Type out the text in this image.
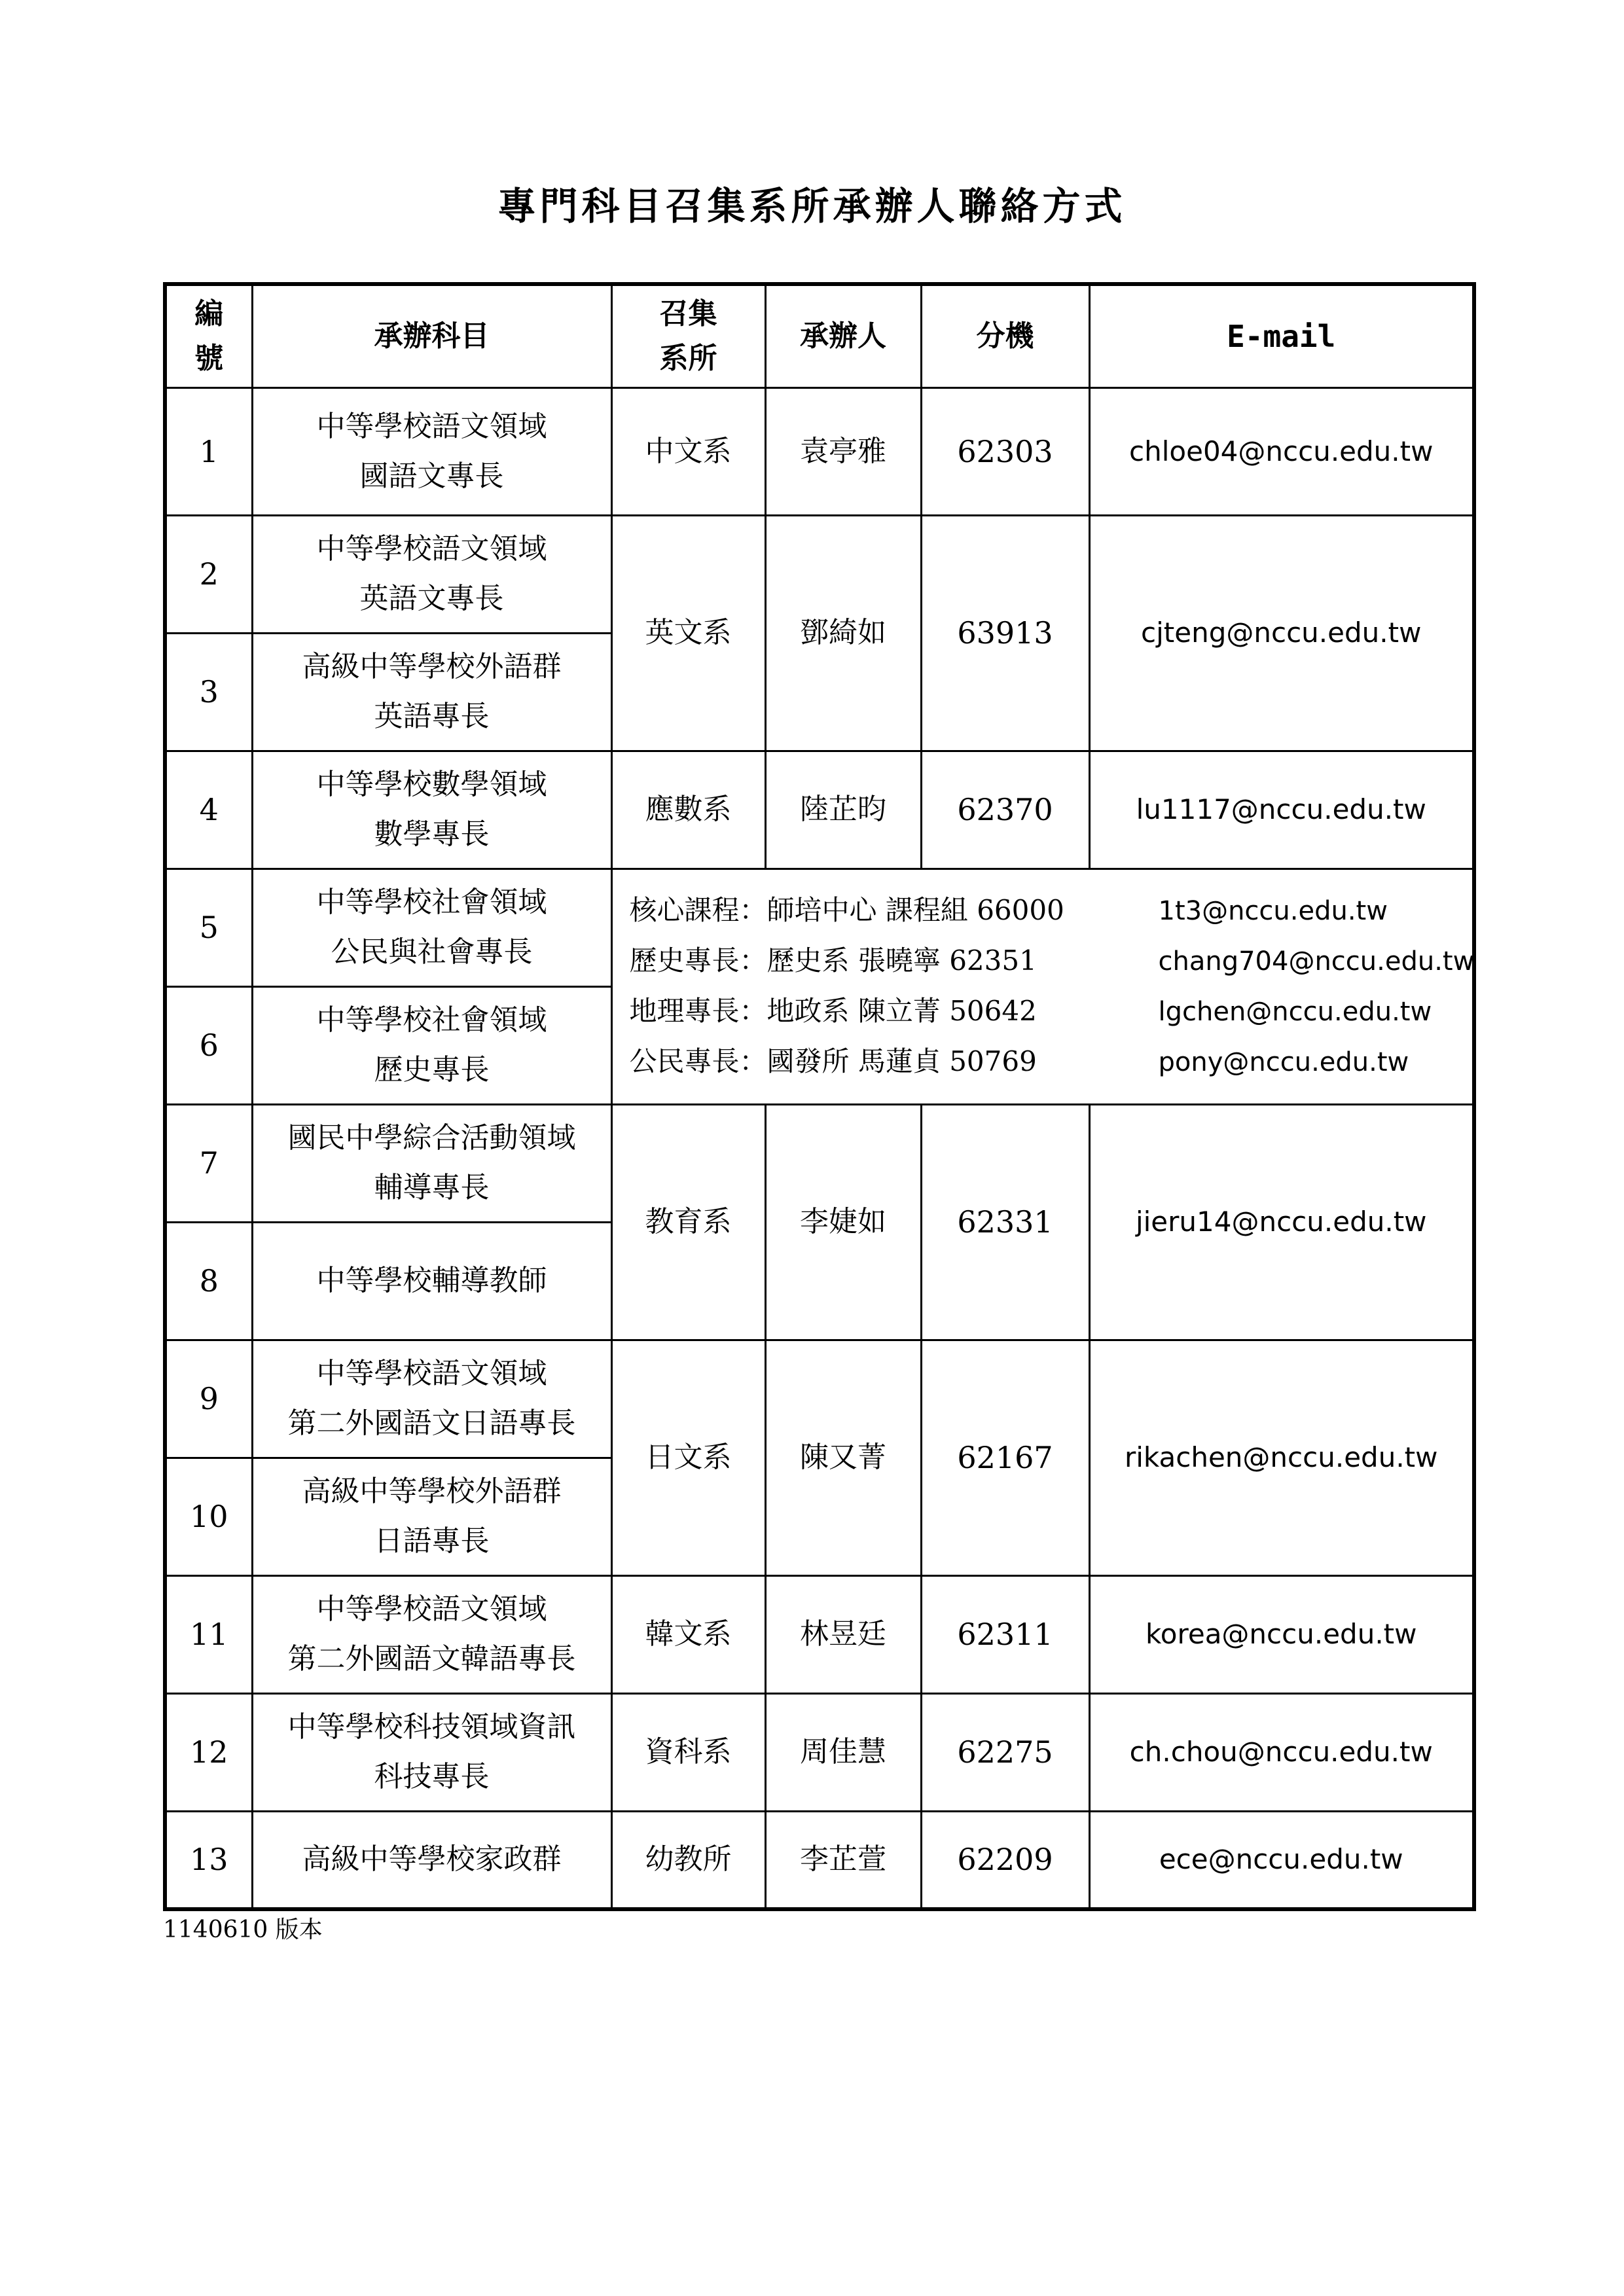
專門科目召集系所承辦人聯絡方式
編
號	承辦科目	召集
系所	承辦人	分機	E-mail
1	中等學校語文領域
國語文專長	中文系	袁亭雅	62303	chloe04@nccu.edu.tw
2	中等學校語文領域
英語文專長	英文系	鄧綺如	63913	cjteng@nccu.edu.tw
3	高級中等學校外語群
英語專長				

4	中等學校數學領域
數學專長	應數系	陸芷昀	62370	lu1117@nccu.edu.tw
5	中等學校社會領域
公民與社會專長	核心課程：師培中心 課程組 66000 1t3@nccu.edu.tw
歷史專長：歷史系 張曉寧 62351 chang704@nccu.edu.tw
地理專長：地政系 陳立菁 50642 lgchen@nccu.edu.tw
公民專長：國發所 馬蓮貞 50769 pony@nccu.edu.tw			

6	中等學校社會領域
歷史專長				

7	國民中學綜合活動領域
輔導專長	教育系	李婕如	62331	jieru14@nccu.edu.tw
8	中等學校輔導教師				

9	中等學校語文領域
第二外國語文日語專長	日文系	陳又菁	62167	rikachen@nccu.edu.tw
10	高級中等學校外語群
日語專長				

11	中等學校語文領域
第二外國語文韓語專長	韓文系	林昱廷	62311	korea@nccu.edu.tw
12	中等學校科技領域資訊
科技專長	資科系	周佳慧	62275	ch.chou@nccu.edu.tw
13	高級中等學校家政群	幼教所	李芷萱	62209	ece@nccu.edu.tw
1140610 版本
